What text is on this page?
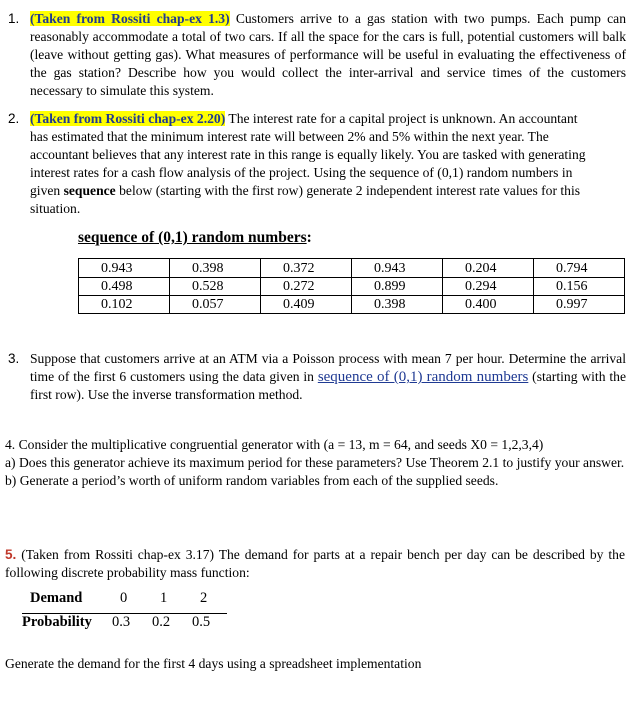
1. (Taken from Rossiti chap-ex 1.3) Customers arrive to a gas station with two pumps. Each pump can reasonably accommodate a total of two cars. If all the space for the cars is full, potential customers will balk (leave without getting gas). What measures of performance will be useful in evaluating the effectiveness of the gas station? Describe how you would collect the inter-arrival and service times of the customers necessary to simulate this system.
2. (Taken from Rossiti chap-ex 2.20) The interest rate for a capital project is unknown. An accountant has estimated that the minimum interest rate will between 2% and 5% within the next year. The accountant believes that any interest rate in this range is equally likely. You are tasked with generating interest rates for a cash flow analysis of the project. Using the sequence of (0,1) random numbers in given sequence below (starting with the first row) generate 2 independent interest rate values for this situation.
sequence of (0,1) random numbers:
0.943	0.398	0.372	0.943	0.204	0.794
0.498	0.528	0.272	0.899	0.294	0.156
0.102	0.057	0.409	0.398	0.400	0.997
3. Suppose that customers arrive at an ATM via a Poisson process with mean 7 per hour. Determine the arrival time of the first 6 customers using the data given in sequence of (0,1) random numbers (starting with the first row). Use the inverse transformation method.
4. Consider the multiplicative congruential generator with (a = 13, m = 64, and seeds X0 = 1,2,3,4)
a) Does this generator achieve its maximum period for these parameters? Use Theorem 2.1 to justify your answer.
b) Generate a period’s worth of uniform random variables from each of the supplied seeds.
5. (Taken from Rossiti chap-ex 3.17) The demand for parts at a repair bench per day can be described by the following discrete probability mass function:
Demand	0 1 2
Probability 0.3 0.2 0.5
Generate the demand for the first 4 days using a spreadsheet implementation
